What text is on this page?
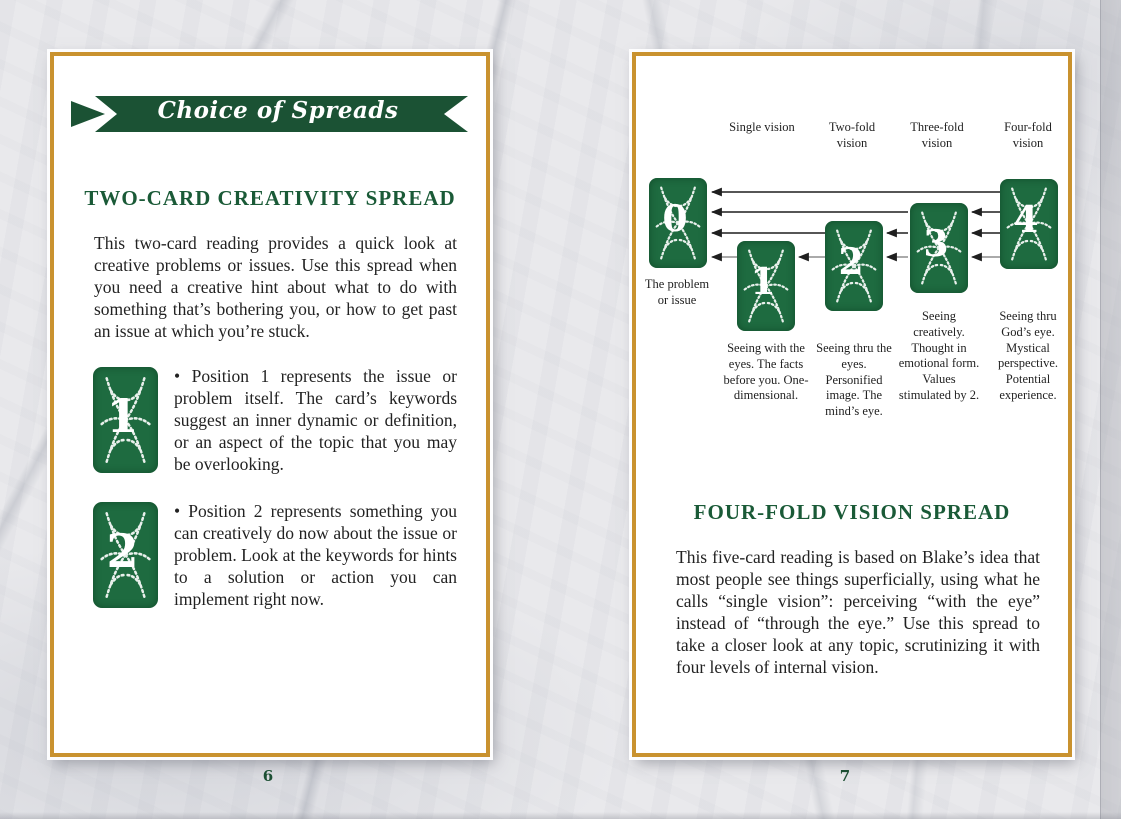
Choice of Spreads
TWO-CARD CREATIVITY SPREAD

This two-card reading provides a quick look at creative problems or issues. Use this spread when you need a creative hint about what to do with something that’s bothering you, or how to get past an issue at which you’re stuck.

1

• Position 1 represents the issue or problem itself. The card’s keywords suggest an inner dynamic or definition, or an aspect of the topic that you may be overlooking.

2

• Position 2 represents something you can creatively do now about the issue or problem. Look at the keywords for hints to a solution or action you can implement right now.

Single vision	Two-fold vision
Three-fold vision
Four-fold vision
0
1	2	3
4
The problem or issue
Seeing with the eyes. The facts before you. One-dimensional.
Seeing thru the eyes. Personified image. The mind’s eye.
Seeing creatively. Thought in emotional form. Values stimulated by 2.
Seeing thru God’s eye. Mystical perspective. Potential experience.
FOUR-FOLD VISION SPREAD

This five-card reading is based on Blake’s idea that most people see things superficially, using what he calls “single vision”: perceiving “with the eye” instead of “through the eye.” Use this spread to take a closer look at any topic, scrutinizing it with four levels of internal vision.

6	7
